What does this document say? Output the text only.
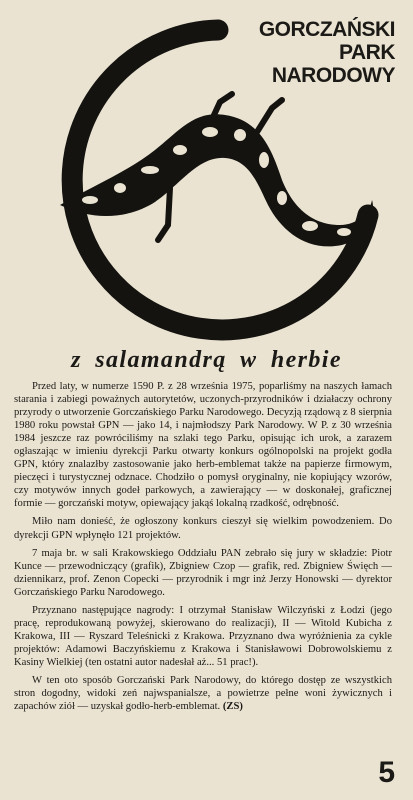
GORCZAŃSKI
PARK
NARODOWY
z salamandrą w herbie

Przed laty, w numerze 1590 P. z 28 września 1975, poparliśmy na naszych łamach starania i zabiegi poważnych autorytetów, uczonych-przyrodników i działaczy ochrony przyrody o utworzenie Gorczańskiego Parku Narodowego. Decyzją rządową z 8 sierpnia 1980 roku powstał GPN — jako 14, i najmłodszy Park Narodowy. W P. z 30 września 1984 jeszcze raz powróciliśmy na szlaki tego Parku, opisując ich urok, a zarazem ogłaszając w imieniu dyrekcji Parku otwarty konkurs ogólnopolski na projekt godła GPN, który znalazłby zastosowanie jako herb-emblemat także na papierze firmowym, pieczęci i turystycznej odznace. Chodziło o pomysł oryginalny, nie kopiujący wzorów, czy motywów innych godeł parkowych, a zawierający — w doskonałej, graficznej formie — gorczański motyw, opiewający jakąś lokalną rzadkość, odrębność.

Miło nam donieść, że ogłoszony konkurs cieszył się wielkim powodzeniem. Do dyrekcji GPN wpłynęło 121 projektów.

7 maja br. w sali Krakowskiego Oddziału PAN zebrało się jury w składzie: Piotr Kunce — przewodniczący (grafik), Zbigniew Czop — grafik, red. Zbigniew Święch — dziennikarz, prof. Zenon Copecki — przyrodnik i mgr inż Jerzy Honowski — dyrektor Gorczańskiego Parku Narodowego.

Przyznano następujące nagrody: I otrzymał Stanisław Wilczyński z Łodzi (jego pracę, reprodukowaną powyżej, skierowano do realizacji), II — Witold Kubicha z Krakowa, III — Ryszard Teleśnicki z Krakowa. Przyznano dwa wyróżnienia za cykle projektów: Adamowi Baczyńskiemu z Krakowa i Stanisławowi Dobrowolskiemu z Kasiny Wielkiej (ten ostatni autor nadesłał aż... 51 prac!).

W ten oto sposób Gorczański Park Narodowy, do którego dostęp ze wszystkich stron dogodny, widoki zeń najwspanialsze, a powietrze pełne woni żywicznych i zapachów ziół — uzyskał godło-herb-emblemat. (ZS)

5
